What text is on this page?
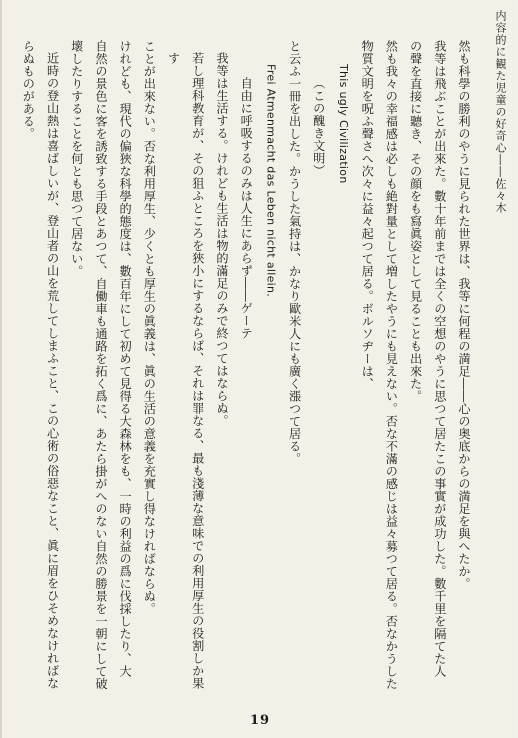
内容的に観た児童の好奇心――佐々木

然も科學の勝利のやうに見られた世界は、我等に何程の満足――心の奥底からの満足を與へたか。

我等は飛ぶことが出來た。數十年前までは全くの空想のやうに思つて居たこの事實が成功した。數千里を隔てた人

の聲を直接に聽き、その顔をも寫眞姿として見ることも出來た。

然も我々の幸福感は必しも絶對量として増したやうにも見えない。否な不滿の感じは益々募つて居る。否なかうした

物質文明を呪ふ聲さへ次々に益々起つて居る。ボルソヂーは、

This ugly Civilization

（この醜き文明）

と云ふ一冊を出した。かうした氣持は、かなり歐米人にも廣く漲つて居る。

Frei Atmenmacht das Leben nicht allein.

自由に呼吸するのみは人生にあらず――ゲーテ

我等は生活する。けれども生活は物的滿足のみで終つてはならぬ。

若し理科教育が、その狙ふところを狹小にするならば、それは罪なる、最も淺薄な意味での利用厚生の役割しか果す

ことが出來ない。否な利用厚生、少くとも厚生の眞義は、眞の生活の意義を充實し得なければならぬ。

けれども、現代の偏狹な科學的態度は、數百年にして初めて見得る大森林をも、一時の利益の爲に伐採したり、大

自然の景色に客を誘致する手段とあつて、自働車も通路を拓く爲に、あたら掛がへのない自然の勝景を一朝にして破

壞したりすることを何とも思つて居ない。

近時の登山熱は喜ばしいが、登山者の山を荒してしまふこと、この心術の俗惡なこと、眞に眉をひそめなければな

らぬものがある。

19
